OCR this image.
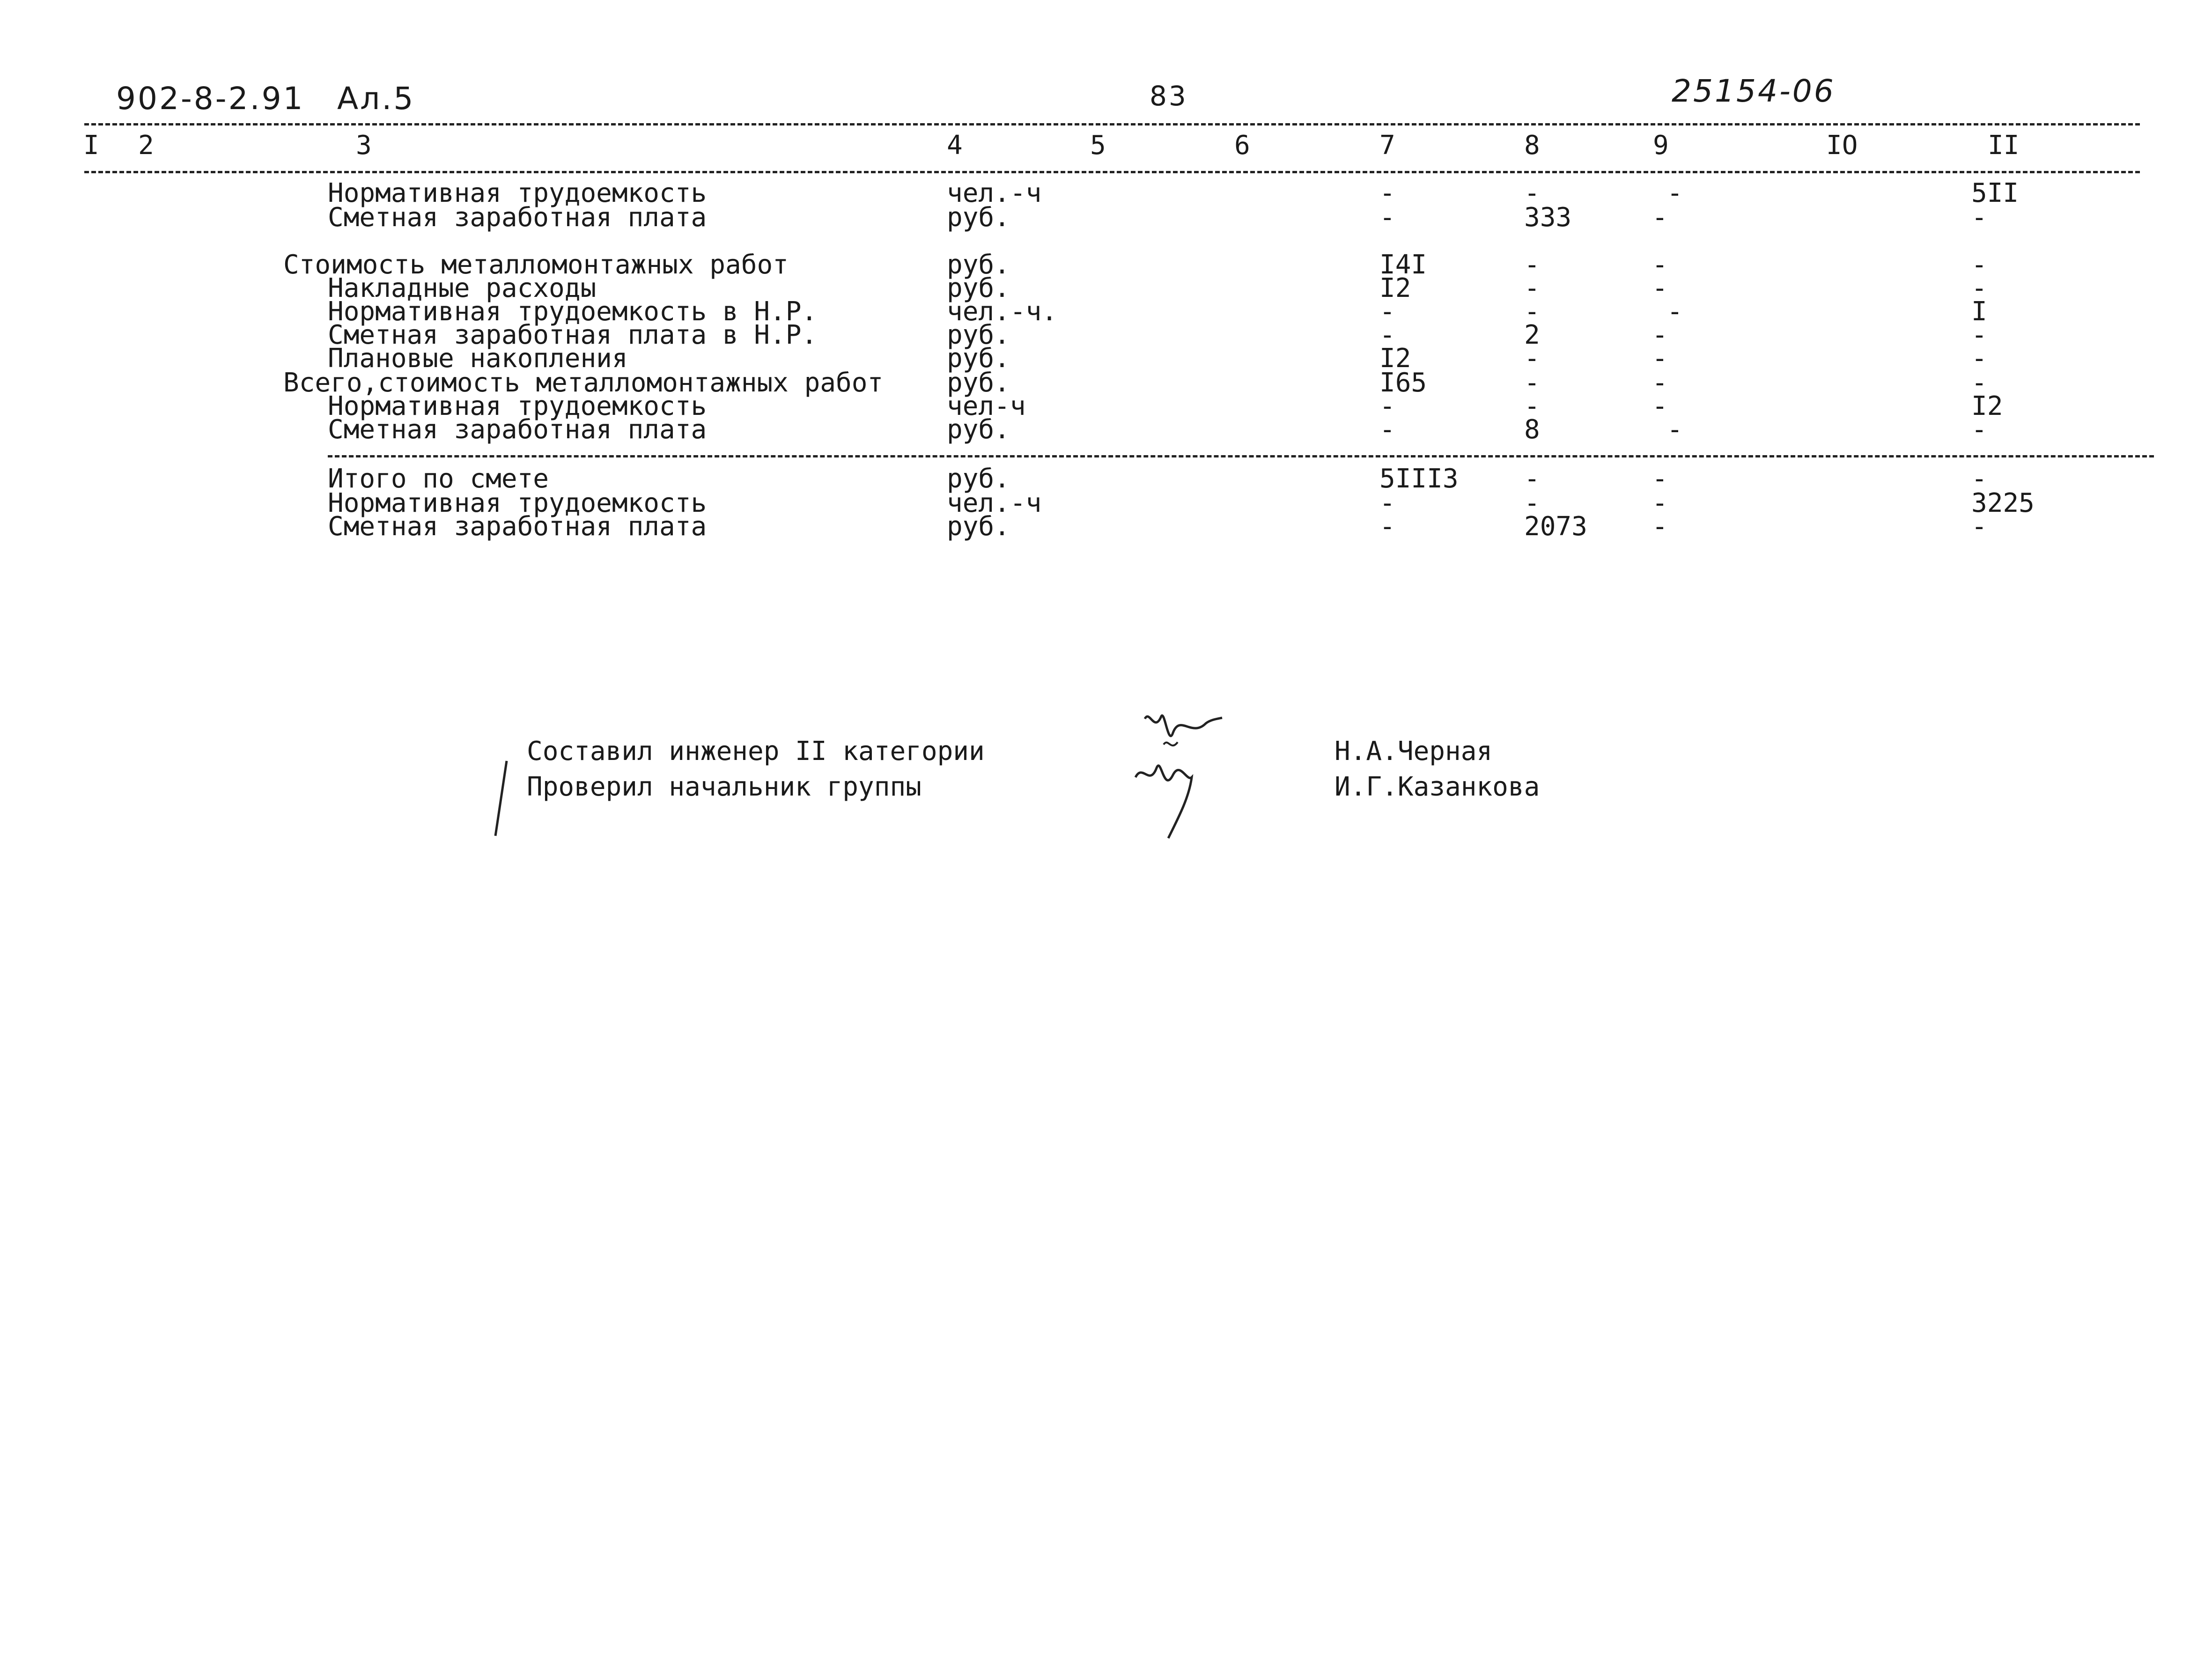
902-8-2.91 Ал.5	83	25154-06
I 2	3	4	5	6	7	8	9	IO	II
Нормативная трудоемкость	чел.-ч	-	-	-	5II
Сметная заработная плата	руб.	-	333	-	-
Стоимость металломонтажных работ	руб.	I4I	-	-	-
Накладные расходы	руб.	I2	-	-	-
Нормативная трудоемкость в Н.Р.	чел.-ч.	-	-	-	I
Сметная заработная плата в Н.Р.	руб.	-	2	-	-
Плановые накопления	руб.	I2	-	-	-
Всего,стоимость металломонтажных работ руб.	I65	-	-	-
Нормативная трудоемкость	чел-ч	-	-	-	I2
Сметная заработная плата	руб.	-	8	-	-
Итого по смете	руб.	5III3	-	-	-
Нормативная трудоемкость	чел.-ч	-	-	-	3225
Сметная заработная плата	руб.	-	2073 -	-
Составил инженер II категории
Проверил начальник группы
Н.А.Черная
И.Г.Казанкова
